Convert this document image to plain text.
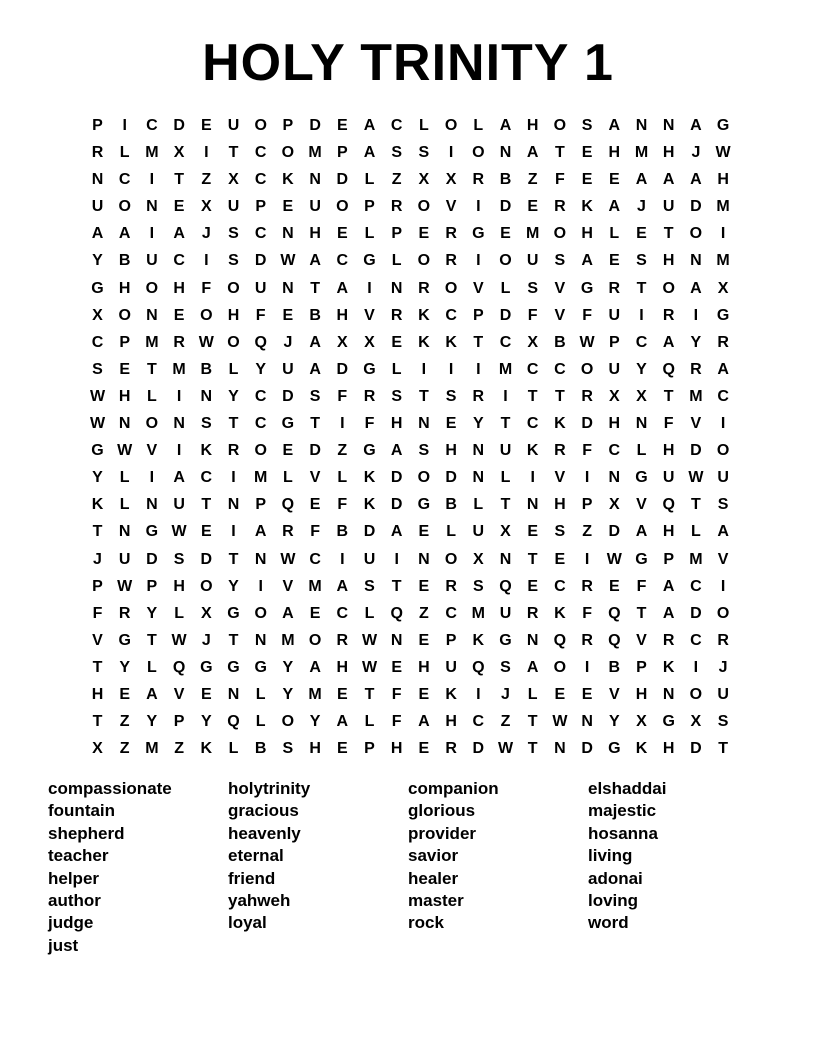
HOLY TRINITY 1
P	I	C D	E	U O P	D	E	A C	L	O	L	A H O S	A N N A G
R	L M X	I	T	C O M P	A	S	S	I	O N A	T	E	H M H	J W
N C	I	T	Z	X	C K N D	L	Z	X	X	R B	Z	F	E	E	A A A H
U O N	E	X	U	P	E	U O P	R O V	I	D	E	R K A	J	U D M
A A	I	A	J	S	C N H	E	L	P	E	R G E M O H	L	E	T	O	I
Y	B U C	I	S	D W A C G	L	O R	I	O U	S	A	E	S	H N M
G H O H	F	O U N	T	A	I	N R O V	L	S	V G R	T	O A	X
X O N	E O H	F	E	B H	V	R K C	P	D	F	V	F	U	I	R	I	G
C	P M R W O Q	J	A	X	X	E	K K	T	C	X	B W P	C A	Y	R
S	E	T M B	L	Y	U A D G	L	I	I	I	M C C O U	Y Q R A
W H	L	I	N	Y	C D	S	F	R	S	T	S	R	I	T	T	R	X	X	T M C
W N O N	S	T	C G	T	I	F	H N	E	Y	T	C K D H N	F	V	I
G W V	I	K R O E	D	Z	G A	S	H N U K R	F	C	L	H D O
Y	L	I	A C	I	M L	V	L	K D O D N	L	I	V	I	N G U W U
K	L	N U	T	N	P Q E	F	K D G B	L	T	N H	P	X	V Q	T	S
T	N G W E	I	A R	F	B D A	E	L	U	X	E	S	Z	D A H	L	A
J	U D	S	D	T	N W C	I	U	I	N O X	N	T	E	I	W G P M V
P W P	H O Y	I	V M A	S	T	E	R	S Q E	C R	E	F	A C	I
F	R	Y	L	X G O A	E	C	L	Q	Z	C M U R K	F	Q	T	A D O
V G	T W J	T	N M O R W N	E	P	K G N Q R Q V	R C R
T	Y	L	Q G G G Y	A H W E	H U Q S	A O	I	B	P	K	I	J
H	E	A	V	E	N	L	Y M E	T	F	E	K	I	J	L	E	E	V	H N O U
T	Z	Y	P	Y Q	L	O Y	A	L	F	A H C	Z	T W N	Y	X G X	S
X	Z M Z	K	L	B	S	H	E	P	H	E	R D W T	N D G K H D	T
compassionate
fountain
shepherd
teacher
helper
author
judge
just
holytrinity
gracious
heavenly
eternal
friend
yahweh
loyal
companion
glorious
provider
savior
healer
master
rock
elshaddai
majestic
hosanna
living
adonai
loving
word
